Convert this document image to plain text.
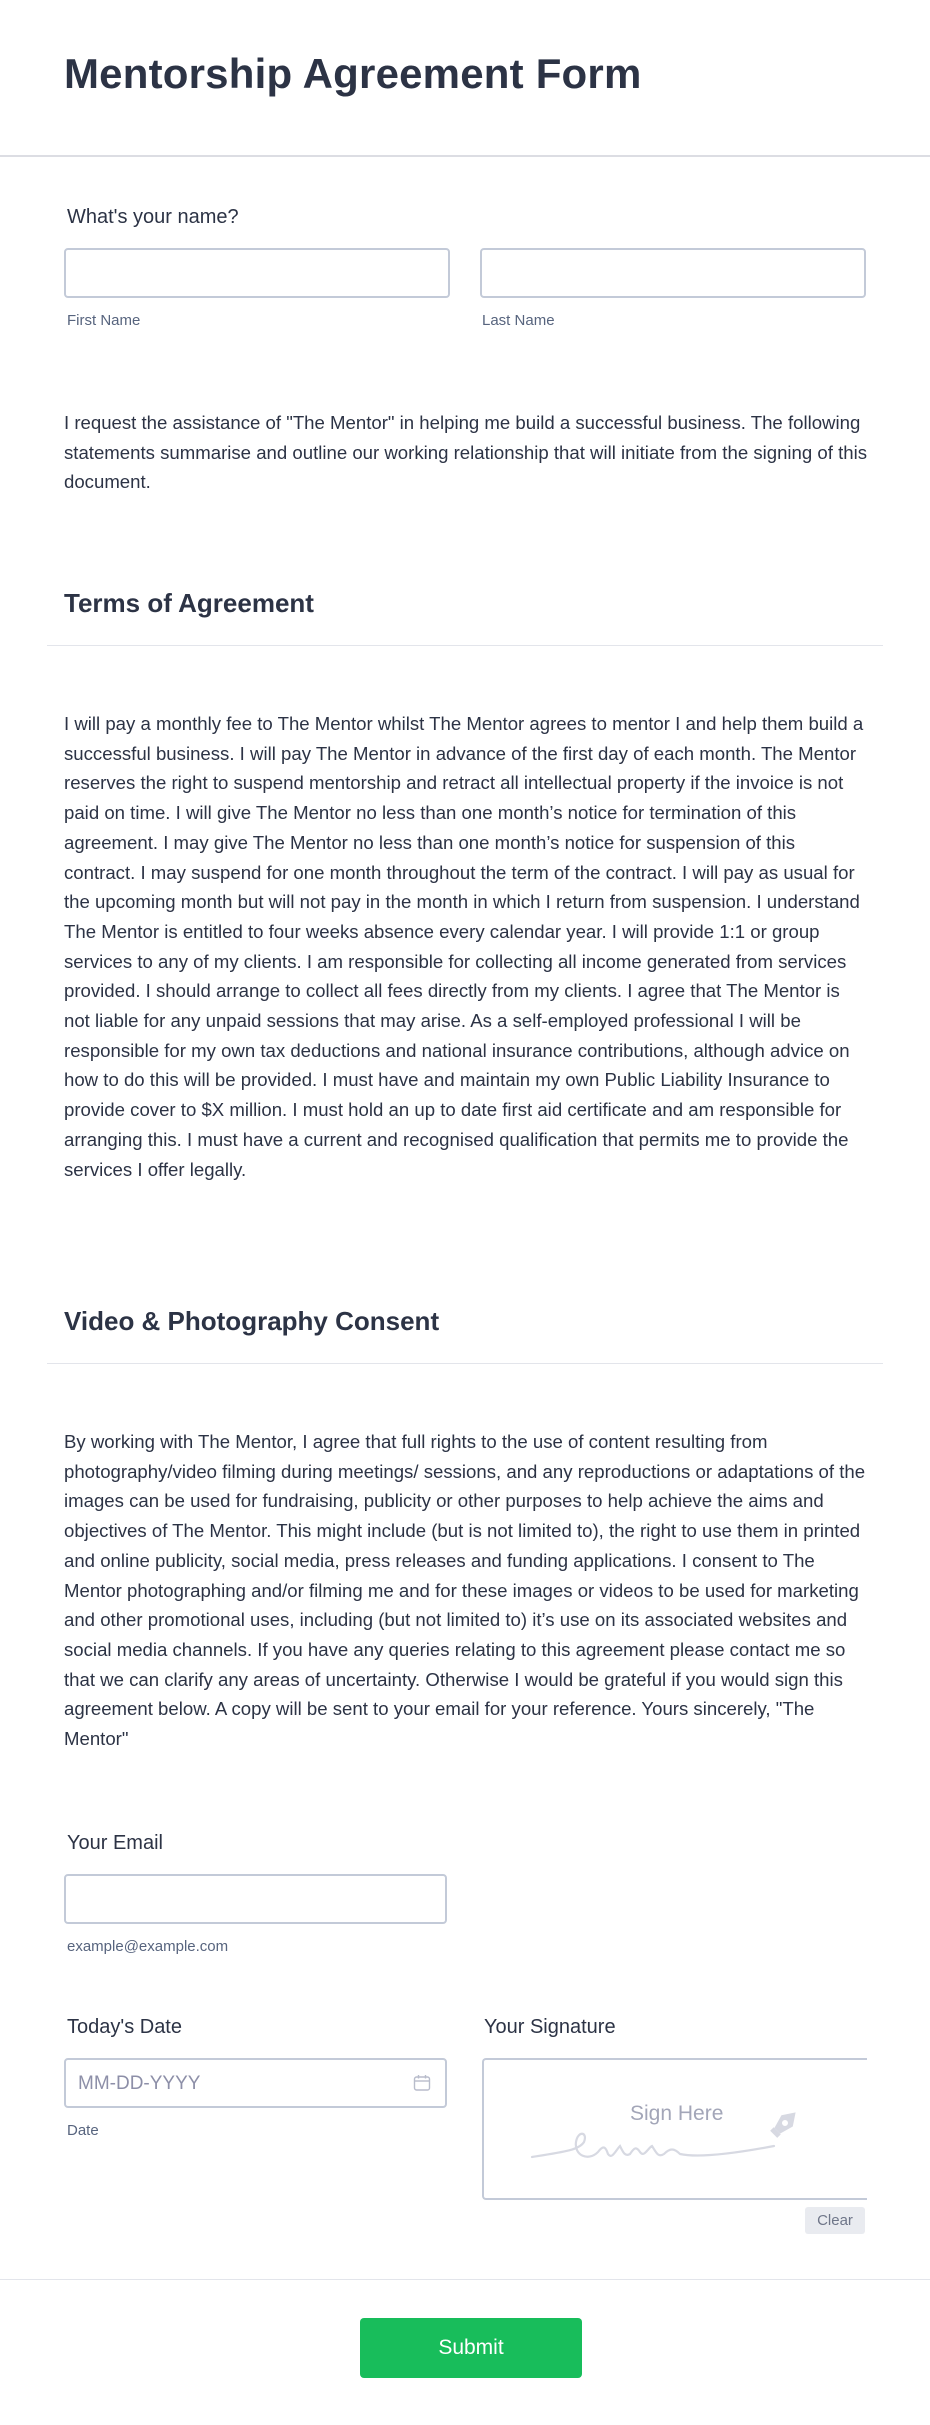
Mentorship Agreement Form
What's your name?
First Name	Last Name

I request the assistance of "The Mentor" in helping me build a successful business. The following statements summarise and outline our working relationship that will initiate from the signing of this document.

Terms of Agreement

I will pay a monthly fee to The Mentor whilst The Mentor agrees to mentor I and help them build a successful business. I will pay The Mentor in advance of the first day of each month. The Mentor reserves the right to suspend mentorship and retract all intellectual property if the invoice is not paid on time. I will give The Mentor no less than one month’s notice for termination of this agreement. I may give The Mentor no less than one month’s notice for suspension of this contract. I may suspend for one month throughout the term of the contract. I will pay as usual for the upcoming month but will not pay in the month in which I return from suspension. I understand The Mentor is entitled to four weeks absence every calendar year. I will provide 1:1 or group services to any of my clients. I am responsible for collecting all income generated from services provided. I should arrange to collect all fees directly from my clients. I agree that The Mentor is not liable for any unpaid sessions that may arise. As a self-employed professional I will be responsible for my own tax deductions and national insurance contributions, although advice on how to do this will be provided. I must have and maintain my own Public Liability Insurance to provide cover to $X million. I must hold an up to date first aid certificate and am responsible for arranging this. I must have a current and recognised qualification that permits me to provide the services I offer legally.

Video & Photography Consent

By working with The Mentor, I agree that full rights to the use of content resulting from photography/video filming during meetings/ sessions, and any reproductions or adaptations of the images can be used for fundraising, publicity or other purposes to help achieve the aims and objectives of The Mentor. This might include (but is not limited to), the right to use them in printed and online publicity, social media, press releases and funding applications. I consent to The Mentor photographing and/or filming me and for these images or videos to be used for marketing and other promotional uses, including (but not limited to) it’s use on its associated websites and social media channels. If you have any queries relating to this agreement please contact me so that we can clarify any areas of uncertainty. Otherwise I would be grateful if you would sign this agreement below. A copy will be sent to your email for your reference. Yours sincerely, "The Mentor"

Your Email
example@example.com
Today's Date
MM-DD-YYYY
Date
Your Signature
Sign Here
Clear
Submit
